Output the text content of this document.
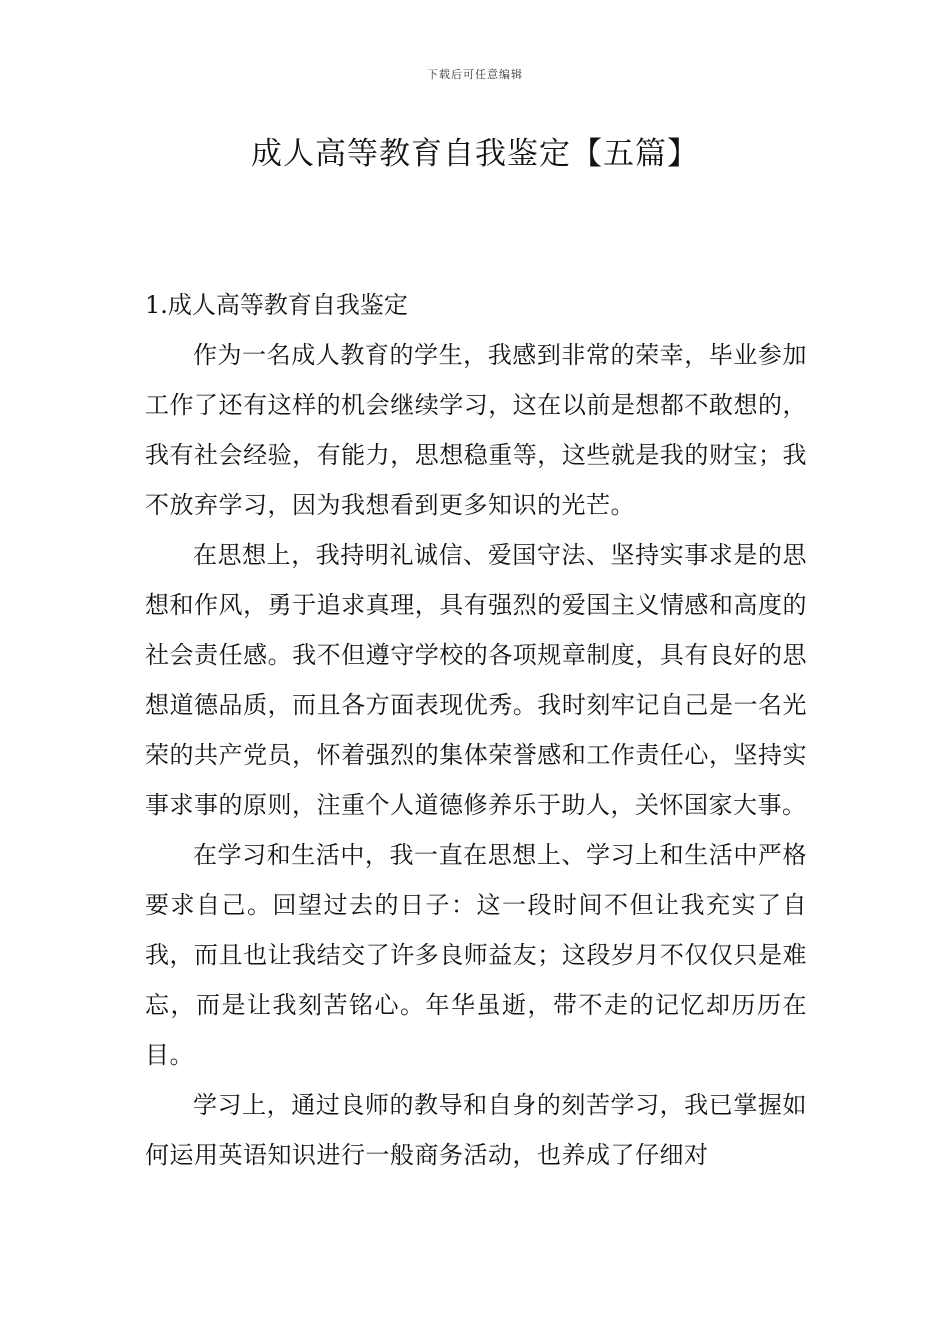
下载后可任意编辑
成人高等教育自我鉴定【五篇】
1.成人高等教育自我鉴定

作为一名成人教育的学生，我感到非常的荣幸，毕业参加工作了还有这样的机会继续学习，这在以前是想都不敢想的，我有社会经验，有能力，思想稳重等，这些就是我的财宝；我不放弃学习，因为我想看到更多知识的光芒。

在思想上，我持明礼诚信、爱国守法、坚持实事求是的思想和作风，勇于追求真理，具有强烈的爱国主义情感和高度的社会责任感。我不但遵守学校的各项规章制度，具有良好的思想道德品质，而且各方面表现优秀。我时刻牢记自己是一名光荣的共产党员，怀着强烈的集体荣誉感和工作责任心，坚持实事求事的原则，注重个人道德修养乐于助人，关怀国家大事。

在学习和生活中，我一直在思想上、学习上和生活中严格要求自己。回望过去的日子：这一段时间不但让我充实了自我，而且也让我结交了许多良师益友；这段岁月不仅仅只是难忘，而是让我刻苦铭心。年华虽逝，带不走的记忆却历历在目。

学习上，通过良师的教导和自身的刻苦学习，我已掌握如何运用英语知识进行一般商务活动，也养成了仔细对
